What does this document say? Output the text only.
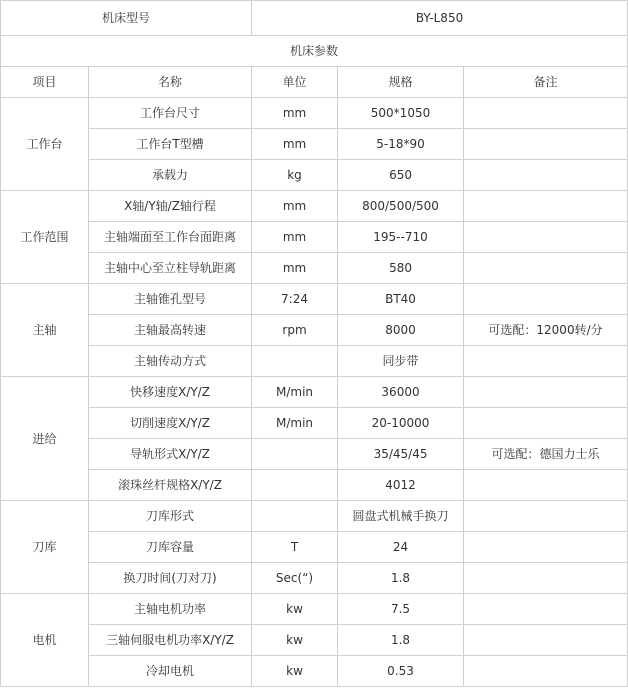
机床型号		BY-L850		
机床参数				
项目	名称	单位	规格	备注
工作台	工作台尺寸	mm	500*1050	
	工作台T型槽	mm	5-18*90	
	承载力	kg	650	
工作范围	X轴/Y轴/Z轴行程	mm	800/500/500	
	主轴端面至工作台面距离	mm	195--710	
	主轴中心至立柱导轨距离	mm	580	
主轴	主轴锥孔型号	7:24	BT40	
	主轴最高转速	rpm	8000	可选配：12000转/分
	主轴传动方式		同步带	
进给	快移速度X/Y/Z	M/min	36000	
	切削速度X/Y/Z	M/min	20-10000	
	导轨形式X/Y/Z		35/45/45	可选配：德国力士乐
	滚珠丝杆规格X/Y/Z		4012	
刀库	刀库形式		圆盘式机械手换刀	
	刀库容量	T	24	
	换刀时间(刀对刀)	Sec(“)	1.8	
电机	主轴电机功率	kw	7.5	
	三轴伺服电机功率X/Y/Z	kw	1.8	
	冷却电机	kw	0.53	
